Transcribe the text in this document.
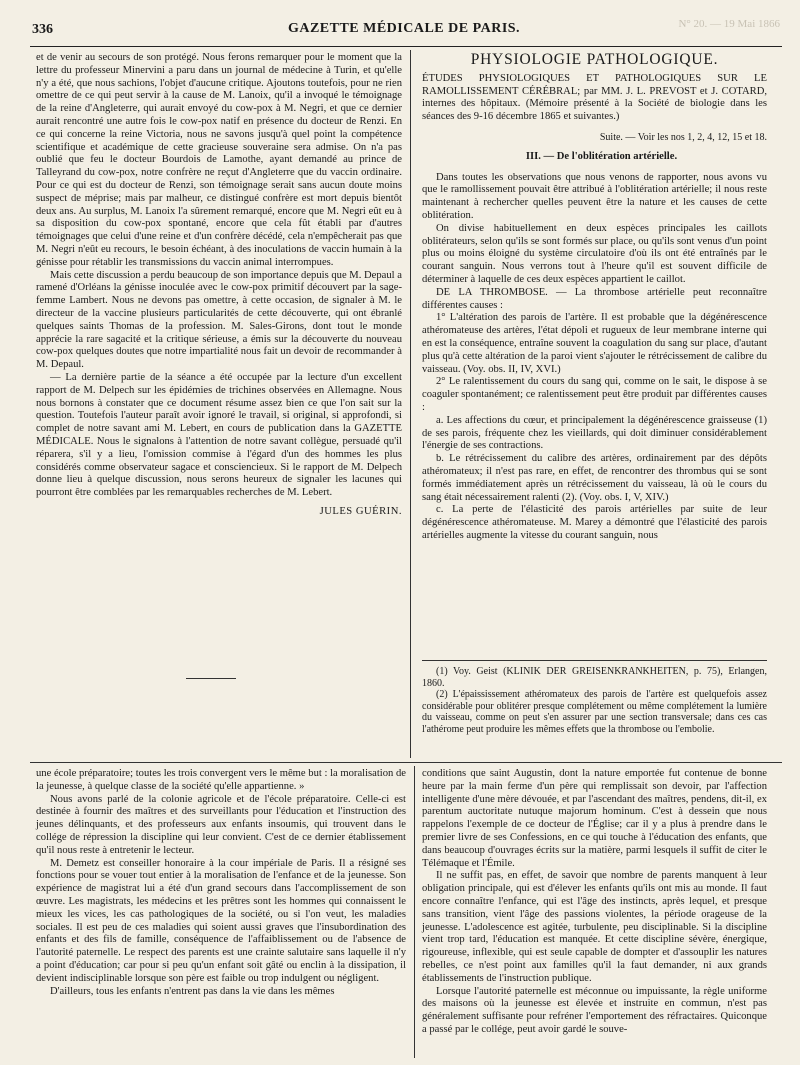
336	GAZETTE MÉDICALE DE PARIS.	N° 20. — 19 Mai 1866

et de venir au secours de son protégé. Nous ferons remarquer pour le moment que la lettre du professeur Minervini a paru dans un journal de médecine à Turin, et qu'elle n'y a été, que nous sachions, l'objet d'aucune critique. Ajoutons toutefois, pour ne rien omettre de ce qui peut servir à la cause de M. Lanoix, qu'il a invoqué le témoignage de la reine d'Angleterre, qui aurait envoyé du cow-pox à M. Negri, et que ce dernier aurait rencontré une autre fois le cow-pox natif en présence du docteur de Renzi. En ce qui concerne la reine Victoria, nous ne savons jusqu'à quel point la compétence scientifique et académique de cette gracieuse souveraine sera admise. On n'a pas oublié que feu le docteur Bourdois de Lamothe, ayant demandé au prince de Talleyrand du cow-pox, notre confrère ne reçut d'Angleterre que du vaccin ordinaire. Pour ce qui est du docteur de Renzi, son témoignage serait sans aucun doute moins suspect de méprise; mais par malheur, ce distingué confrère est mort depuis bientôt deux ans. Au surplus, M. Lanoix l'a sûrement remarqué, encore que M. Negri eût eu à sa disposition du cow-pox spontané, encore que cela fût établi par d'autres témoignages que celui d'une reine et d'un confrère décédé, cela n'empêcherait pas que M. Negri n'eût eu recours, le besoin échéant, à des inoculations de vaccin humain à la génisse pour rétablir les transmissions du vaccin animal interrompues.

Mais cette discussion a perdu beaucoup de son importance depuis que M. Depaul a ramené d'Orléans la génisse inoculée avec le cow-pox primitif découvert par la sage-femme Lambert. Nous ne devons pas omettre, à cette occasion, de signaler à M. le directeur de la vaccine plusieurs particularités de cette découverte, qui ont ébranlé quelques saints Thomas de la profession. M. Sales-Girons, dont tout le monde apprécie la rare sagacité et la critique sérieuse, a émis sur la découverte du nouveau cow-pox quelques doutes que notre impartialité nous fait un devoir de recommander à M. Depaul.

— La dernière partie de la séance a été occupée par la lecture d'un excellent rapport de M. Delpech sur les épidémies de trichines observées en Allemagne. Nous nous bornons à constater que ce document résume assez bien ce que l'on sait sur la question. Toutefois l'auteur paraît avoir ignoré le travail, si original, si approfondi, si complet de notre savant ami M. Lebert, en cours de publication dans la GAZETTE MÉDICALE. Nous le signalons à l'attention de notre savant collègue, persuadé qu'il réparera, s'il y a lieu, l'omission commise à l'égard d'un des hommes les plus considérés comme observateur sagace et consciencieux. Si le rapport de M. Delpech donne lieu à quelque discussion, nous serons heureux de signaler les lacunes qui pourront être comblées par les remarquables recherches de M. Lebert.

JULES GUÉRIN.

PHYSIOLOGIE PATHOLOGIQUE.

ÉTUDES PHYSIOLOGIQUES ET PATHOLOGIQUES SUR LE RAMOLLISSEMENT CÉRÉBRAL; par MM. J. L. PREVOST et J. COTARD, internes des hôpitaux. (Mémoire présenté à la Société de biologie dans les séances des 9-16 décembre 1865 et suivantes.)

Suite. — Voir les nos 1, 2, 4, 12, 15 et 18.

III. — De l'oblitération artérielle.

Dans toutes les observations que nous venons de rapporter, nous avons vu que le ramollissement pouvait être attribué à l'oblitération artérielle; il nous reste maintenant à rechercher quelles peuvent être la nature et les causes de cette oblitération.

On divise habituellement en deux espèces principales les caillots oblitérateurs, selon qu'ils se sont formés sur place, ou qu'ils sont venus d'un point plus ou moins éloigné du système circulatoire d'où ils ont été entraînés par le courant sanguin. Nous verrons tout à l'heure qu'il est souvent difficile de déterminer à laquelle de ces deux espèces appartient le caillot.

DE LA THROMBOSE. — La thrombose artérielle peut reconnaître différentes causes :

1° L'altération des parois de l'artère. Il est probable que la dégénérescence athéromateuse des artères, l'état dépoli et rugueux de leur membrane interne qui en est la conséquence, entraîne souvent la coagulation du sang sur place, d'autant plus qu'à cette altération de la paroi vient s'ajouter le rétrécissement de calibre du vaisseau. (Voy. obs. II, IV, XVI.)

2° Le ralentissement du cours du sang qui, comme on le sait, le dispose à se coaguler spontanément; ce ralentissement peut être produit par différentes causes :

a. Les affections du cœur, et principalement la dégénérescence graisseuse (1) de ses parois, fréquente chez les vieillards, qui doit diminuer considérablement l'énergie de ses contractions.

b. Le rétrécissement du calibre des artères, ordinairement par des dépôts athéromateux; il n'est pas rare, en effet, de rencontrer des thrombus qui se sont formés immédiatement après un rétrécissement du vaisseau, là où le cours du sang était nécessairement ralenti (2). (Voy. obs. I, V, XIV.)

c. La perte de l'élasticité des parois artérielles par suite de leur dégénérescence athéromateuse. M. Marey a démontré que l'élasticité des parois artérielles augmente la vitesse du courant sanguin, nous

(1) Voy. Geist (KLINIK DER GREISENKRANKHEITEN, p. 75), Erlangen, 1860.

(2) L'épaississement athéromateux des parois de l'artère est quelquefois assez considérable pour oblitérer presque complétement ou même complétement la lumière du vaisseau, comme on peut s'en assurer par une section transversale; dans ces cas l'athérome peut produire les mêmes effets que la thrombose ou l'embolie.

une école préparatoire; toutes les trois convergent vers le même but : la moralisation de la jeunesse, à quelque classe de la société qu'elle appartienne. »

Nous avons parlé de la colonie agricole et de l'école préparatoire. Celle-ci est destinée à fournir des maîtres et des surveillants pour l'éducation et l'instruction des jeunes délinquants, et des professeurs aux enfants insoumis, qui trouvent dans le collége de répression la discipline qui leur convient. C'est de ce dernier établissement qu'il nous reste à entretenir le lecteur.

M. Demetz est conseiller honoraire à la cour impériale de Paris. Il a résigné ses fonctions pour se vouer tout entier à la moralisation de l'enfance et de la jeunesse. Son expérience de magistrat lui a été d'un grand secours dans l'accomplissement de son œuvre. Les magistrats, les médecins et les prêtres sont les hommes qui connaissent le mieux les vices, les cas pathologiques de la société, ou si l'on veut, les maladies sociales. Il est peu de ces maladies qui soient aussi graves que l'insubordination des enfants et des fils de famille, conséquence de l'affaiblissement ou de l'absence de l'autorité paternelle. Le respect des parents est une crainte salutaire sans laquelle il n'y a point d'éducation; car pour si peu qu'un enfant soit gâté ou enclin à la dissipation, il devient indisciplinable lorsque son père est faible ou trop indulgent ou négligent.

D'ailleurs, tous les enfants n'entrent pas dans la vie dans les mêmes

conditions que saint Augustin, dont la nature emportée fut contenue de bonne heure par la main ferme d'un père qui remplissait son devoir, par l'affection intelligente d'une mère dévouée, et par l'ascendant des maîtres, pendens, dit-il, ex parentum auctoritate nutuque majorum hominum. C'est à dessein que nous rappelons l'exemple de ce docteur de l'Église; car il y a plus à prendre dans le premier livre de ses Confessions, en ce qui touche à l'éducation des enfants, que dans beaucoup d'ouvrages écrits sur la matière, parmi lesquels il suffit de citer le Télémaque et l'Émile.

Il ne suffit pas, en effet, de savoir que nombre de parents manquent à leur obligation principale, qui est d'élever les enfants qu'ils ont mis au monde. Il faut encore connaître l'enfance, qui est l'âge des instincts, après lequel, et presque sans transition, vient l'âge des passions violentes, la période orageuse de la jeunesse. L'adolescence est agitée, turbulente, peu disciplinable. Si la discipline vient trop tard, l'éducation est manquée. Et cette discipline sévère, énergique, rigoureuse, inflexible, qui est seule capable de dompter et d'assouplir les natures rebelles, ce n'est point aux familles qu'il la faut demander, ni aux grands établissements de l'instruction publique.

Lorsque l'autorité paternelle est méconnue ou impuissante, la règle uniforme des maisons où la jeunesse est élevée et instruite en commun, n'est pas généralement suffisante pour refréner l'emportement des réfractaires. Quiconque a passé par le collége, peut avoir gardé le souve-
